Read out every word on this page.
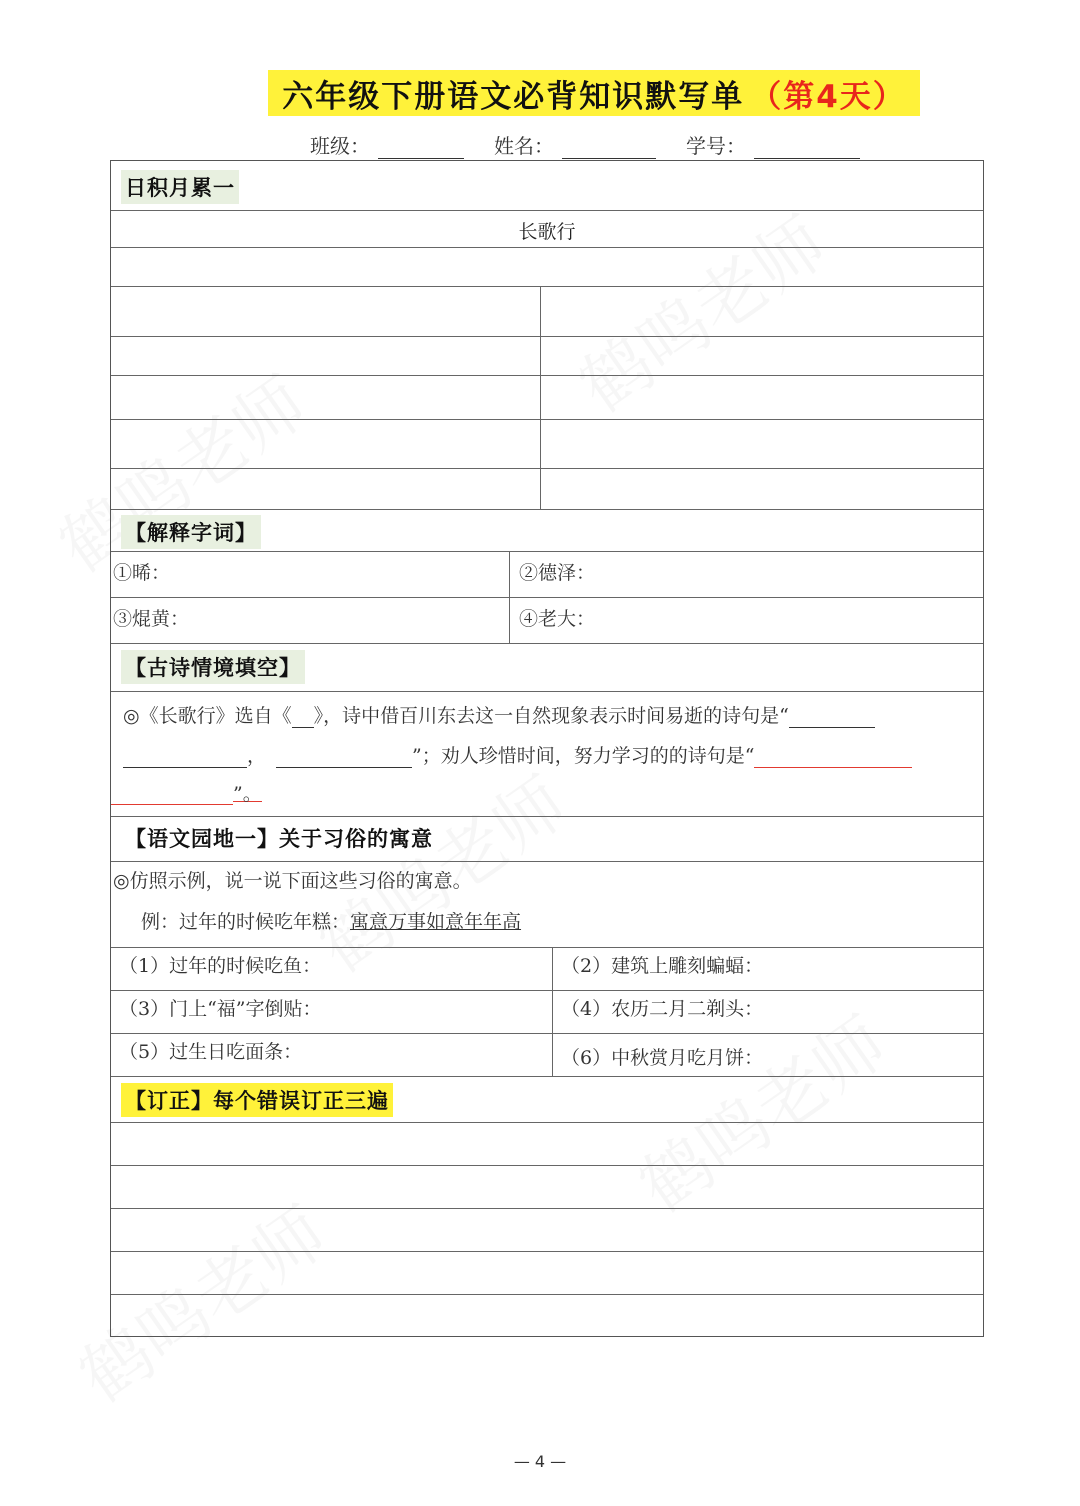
六年级下册语文必背知识默写单 （第4天）
班级：	姓名：	学号：
日积月累一
长歌行
【解释字词】
①晞：	②德泽：
③焜黄：	④老大：
【古诗情境填空】
◎《长歌行》选自《 》，诗中借百川东去这一自然现象表示时间易逝的诗句是“
，	”；劝人珍惜时间，努力学习的的诗句是“
”。
【语文园地一】关于习俗的寓意
◎仿照示例，说一说下面这些习俗的寓意。
例：过年的时候吃年糕：寓意万事如意年年高
（1）过年的时候吃鱼：	（2）建筑上雕刻蝙蝠：
（3）门上“福”字倒贴：	（4）农历二月二剃头：
（5）过生日吃面条：	（6）中秋赏月吃月饼：
【订正】每个错误订正三遍
— 4 —
